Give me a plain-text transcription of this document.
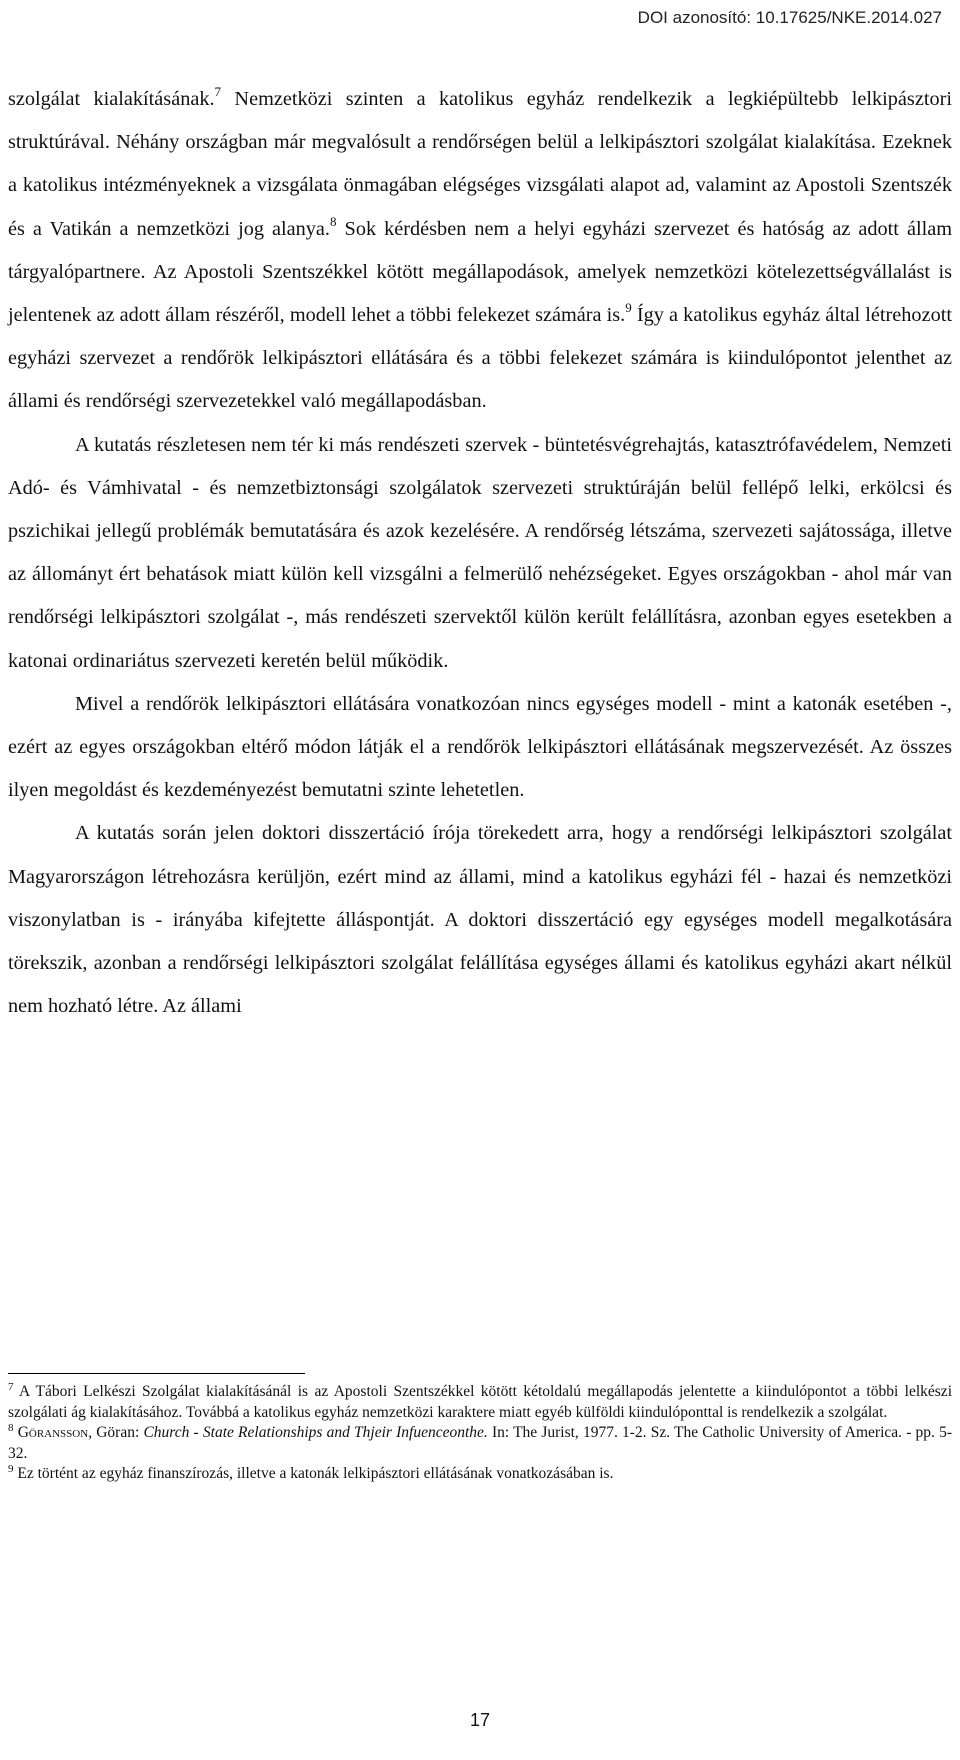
DOI azonosító: 10.17625/NKE.2014.027

szolgálat kialakításának.$^7$ Nemzetközi szinten a katolikus egyház rendelkezik a legkiépültebb lelkipásztori struktúrával. Néhány országban már megvalósult a rendőrségen belül a lelkipásztori szolgálat kialakítása. Ezeknek a katolikus intézményeknek a vizsgálata önmagában elégséges vizsgálati alapot ad, valamint az Apostoli Szentszék és a Vatikán a nemzetközi jog alanya.$^8$ Sok kérdésben nem a helyi egyházi szervezet és hatóság az adott állam tárgyalópartnere. Az Apostoli Szentszékkel kötött megállapodások, amelyek nemzetközi kötelezettségvállalást is jelentenek az adott állam részéről, modell lehet a többi felekezet számára is.$^9$ Így a katolikus egyház által létrehozott egyházi szervezet a rendőrök lelkipásztori ellátására és a többi felekezet számára is kiindulópontot jelenthet az állami és rendőrségi szervezetekkel való megállapodásban.

A kutatás részletesen nem tér ki más rendészeti szervek - büntetésvégrehajtás, katasztrófavédelem, Nemzeti Adó- és Vámhivatal - és nemzetbiztonsági szolgálatok szervezeti struktúráján belül fellépő lelki, erkölcsi és pszichikai jellegű problémák bemutatására és azok kezelésére. A rendőrség létszáma, szervezeti sajátossága, illetve az állományt ért behatások miatt külön kell vizsgálni a felmerülő nehézségeket. Egyes országokban - ahol már van rendőrségi lelkipásztori szolgálat -, más rendészeti szervektől külön került felállításra, azonban egyes esetekben a katonai ordinariátus szervezeti keretén belül működik.

Mivel a rendőrök lelkipásztori ellátására vonatkozóan nincs egységes modell - mint a katonák esetében -, ezért az egyes országokban eltérő módon látják el a rendőrök lelkipásztori ellátásának megszervezését. Az összes ilyen megoldást és kezdeményezést bemutatni szinte lehetetlen.

A kutatás során jelen doktori disszertáció írója törekedett arra, hogy a rendőrségi lelkipásztori szolgálat Magyarországon létrehozásra kerüljön, ezért mind az állami, mind a katolikus egyházi fél - hazai és nemzetközi viszonylatban is - irányába kifejtette álláspontját. A doktori disszertáció egy egységes modell megalkotására törekszik, azonban a rendőrségi lelkipásztori szolgálat felállítása egységes állami és katolikus egyházi akart nélkül nem hozható létre. Az állami

$^7$ A Tábori Lelkészi Szolgálat kialakításánál is az Apostoli Szentszékkel kötött kétoldalú megállapodás jelentette a kiindulópontot a többi lelkészi szolgálati ág kialakításához. Továbbá a katolikus egyház nemzetközi karaktere miatt egyéb külföldi kiindulóponttal is rendelkezik a szolgálat.

$^8$ Göransson, Göran: Church - State Relationships and Thjeir Infuenceonthe. In: The Jurist, 1977. 1-2. Sz. The Catholic University of America. - pp. 5-32.

$^9$ Ez történt az egyház finanszírozás, illetve a katonák lelkipásztori ellátásának vonatkozásában is.

17
